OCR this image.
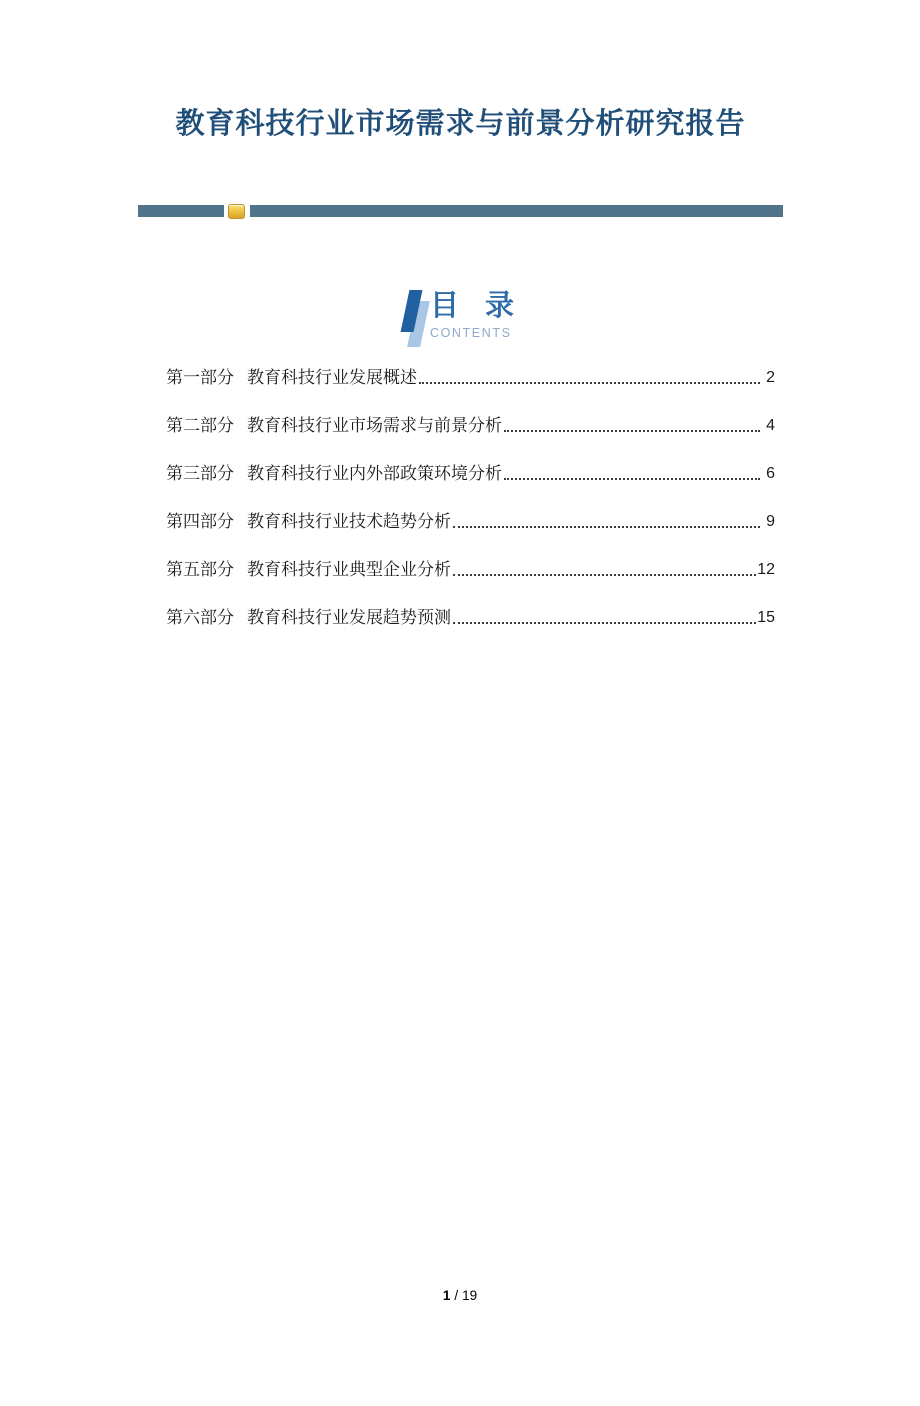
教育科技行业市场需求与前景分析研究报告
目 录
CONTENTS
第一部分 教育科技行业发展概述	2
第二部分 教育科技行业市场需求与前景分析	4
第三部分 教育科技行业内外部政策环境分析	6
第四部分 教育科技行业技术趋势分析	9
第五部分 教育科技行业典型企业分析	12
第六部分 教育科技行业发展趋势预测	15
1 / 19
